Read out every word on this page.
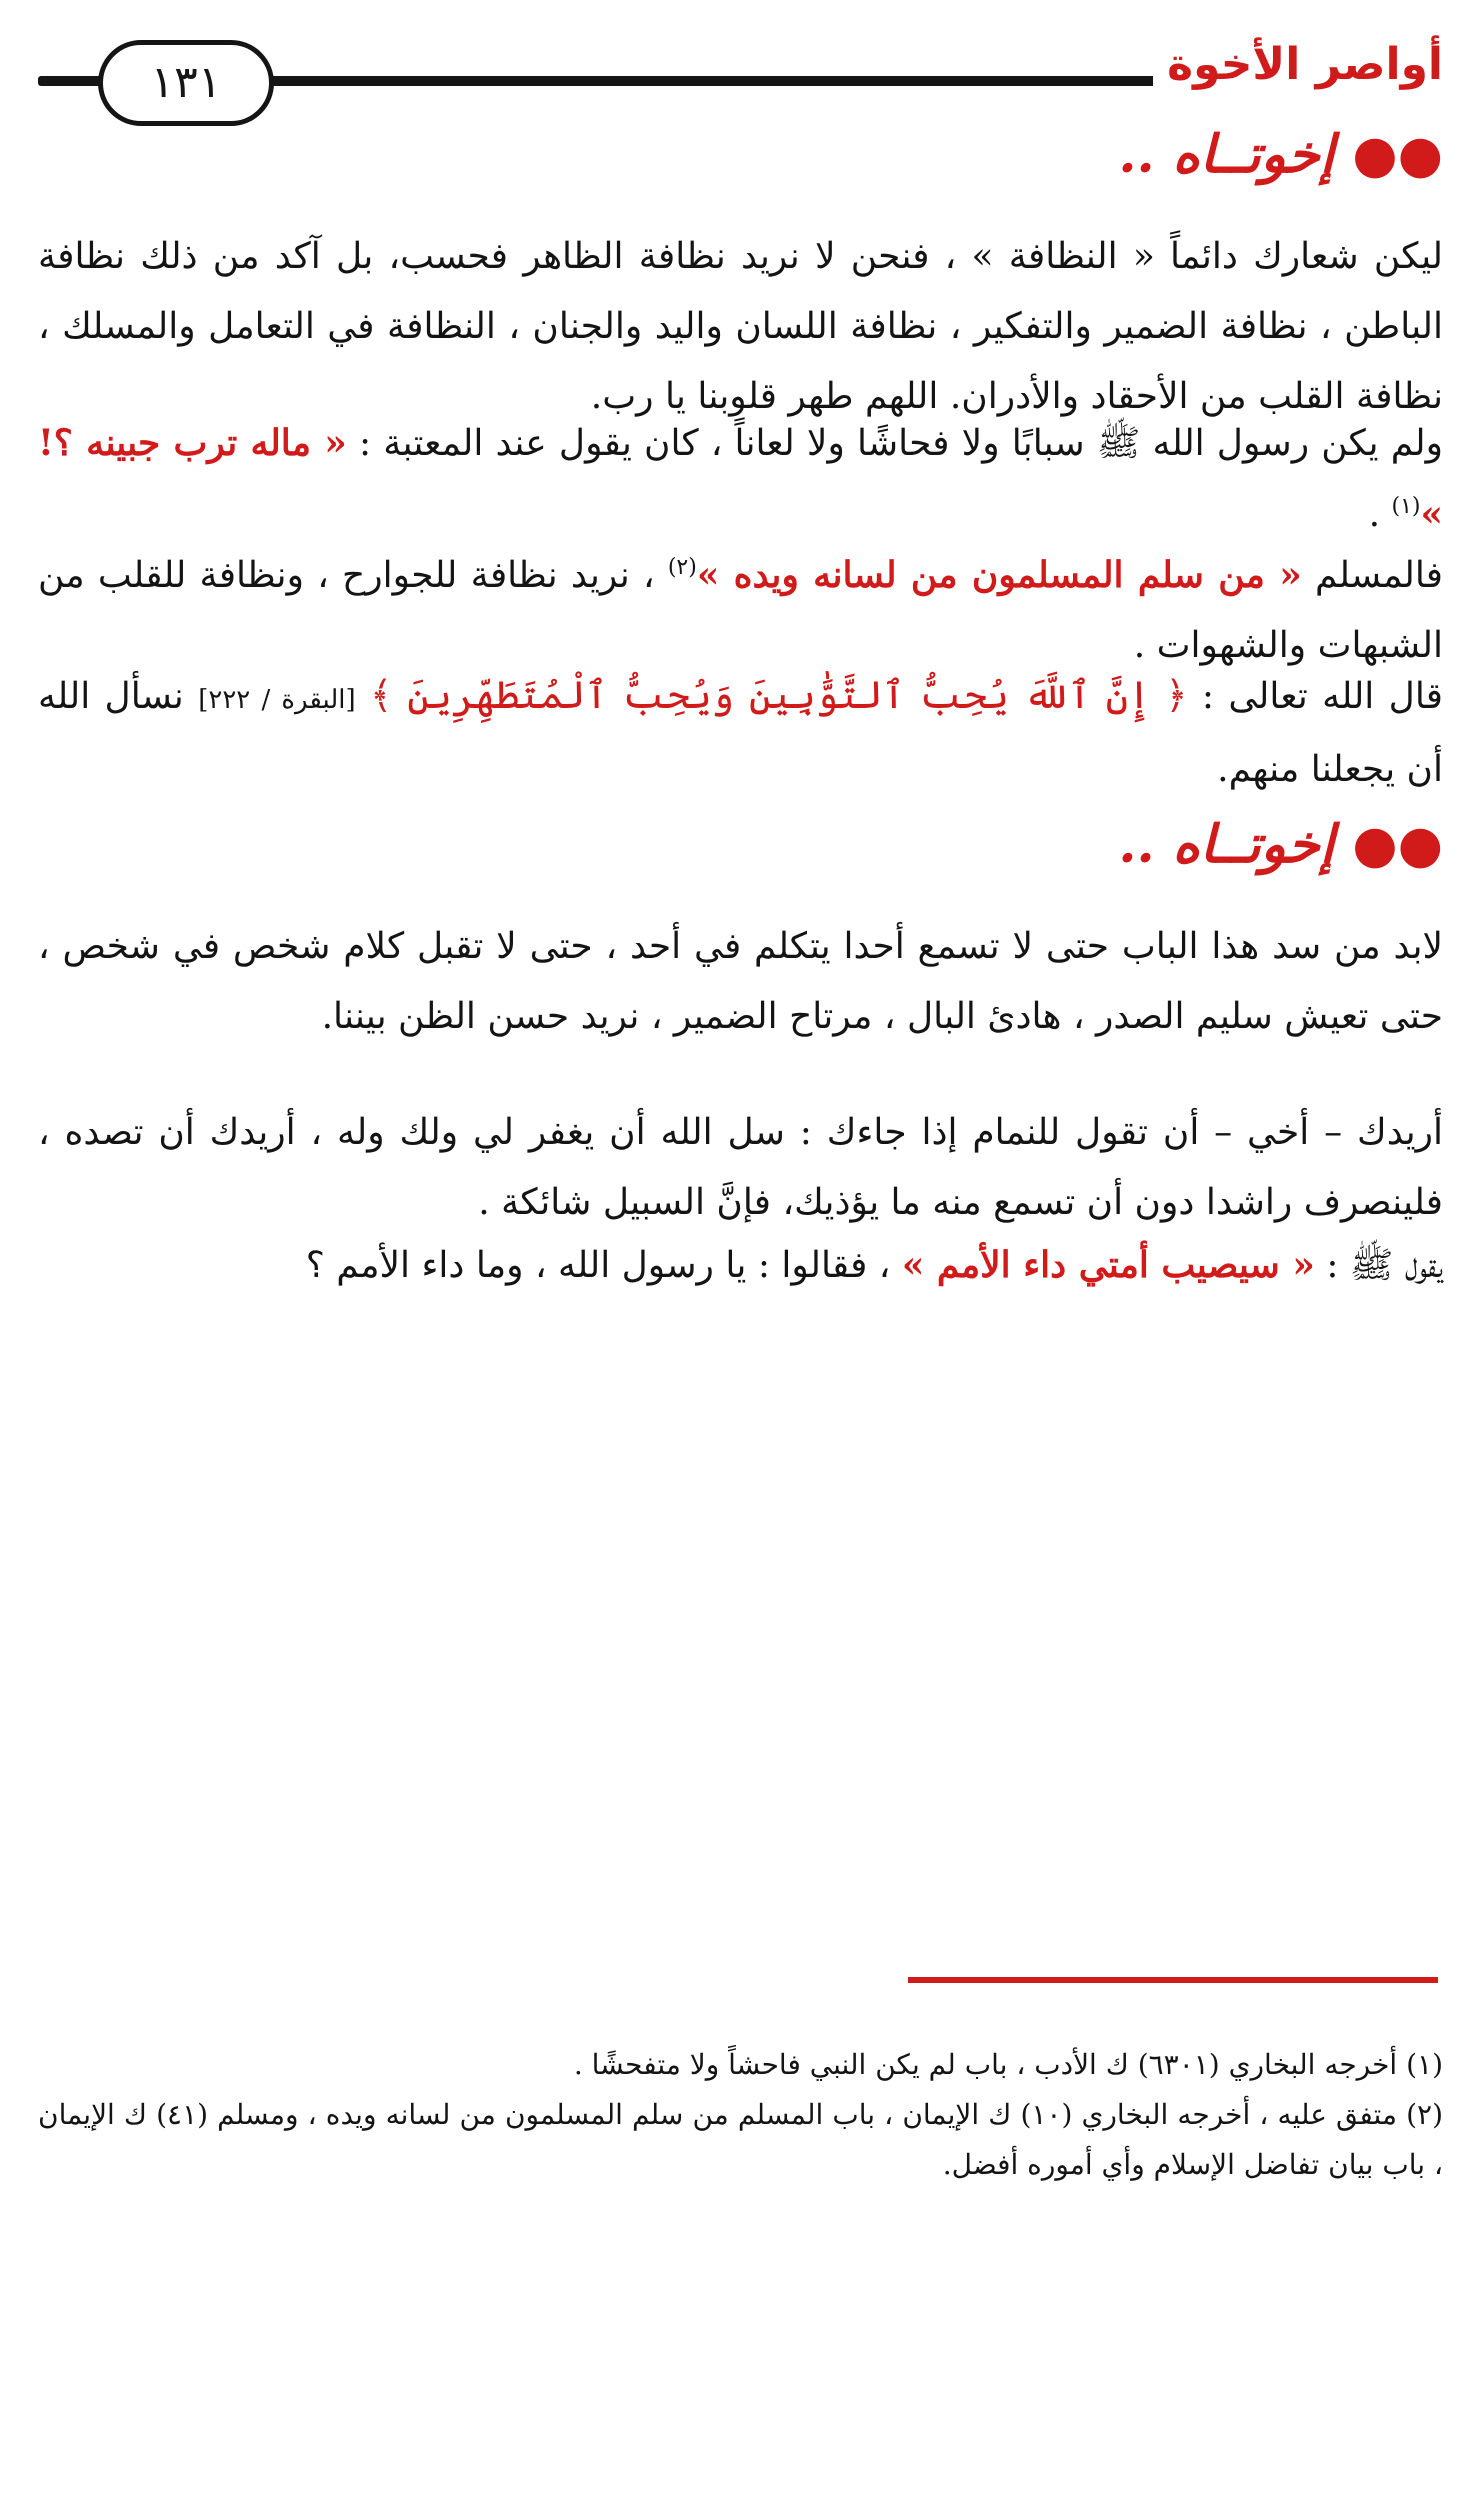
أواصر الأخوة
١٣١
●● إخوتــاه ..
ليكن شعارك دائماً « النظافة » ، فنحن لا نريد نظافة الظاهر فحسب، بل آكد من ذلك نظافة الباطن ، نظافة الضمير والتفكير ، نظافة اللسان واليد والجنان ، النظافة في التعامل والمسلك ، نظافة القلب من الأحقاد والأدران. اللهم طهر قلوبنا يا رب.
ولم يكن رسول الله ﷺ سبابًا ولا فحاشًا ولا لعاناً ، كان يقول عند المعتبة : « ماله ترب جبينه ؟! »$^{(١)}$ .
فالمسلم « من سلم المسلمون من لسانه ويده »$^{(٢)}$ ، نريد نظافة للجوارح ، ونظافة للقلب من الشبهات والشهوات .
قال الله تعالى : ﴿ إِنَّ ٱللَّهَ يُحِبُّ ٱلتَّوَّٰبِينَ وَيُحِبُّ ٱلْمُتَطَهِّرِينَ ﴾ [البقرة / ٢٢٢] نسأل الله أن يجعلنا منهم.
●● إخوتــاه ..
لابد من سد هذا الباب حتى لا تسمع أحدا يتكلم في أحد ، حتى لا تقبل كلام شخص في شخص ، حتى تعيش سليم الصدر ، هادئ البال ، مرتاح الضمير ، نريد حسن الظن بيننا.
أريدك – أخي – أن تقول للنمام إذا جاءك : سل الله أن يغفر لي ولك وله ، أريدك أن تصده ، فلينصرف راشدا دون أن تسمع منه ما يؤذيك، فإنَّ السبيل شائكة .
يقول ﷺ : « سيصيب أمتي داء الأمم » ، فقالوا : يا رسول الله ، وما داء الأمم ؟
(١) أخرجه البخاري (٦٣٠١) ك الأدب ، باب لم يكن النبي فاحشاً ولا متفحشًا .
(٢) متفق عليه ، أخرجه البخاري (١٠) ك الإيمان ، باب المسلم من سلم المسلمون من لسانه ويده ، ومسلم (٤١) ك الإيمان ، باب بيان تفاضل الإسلام وأي أموره أفضل.
